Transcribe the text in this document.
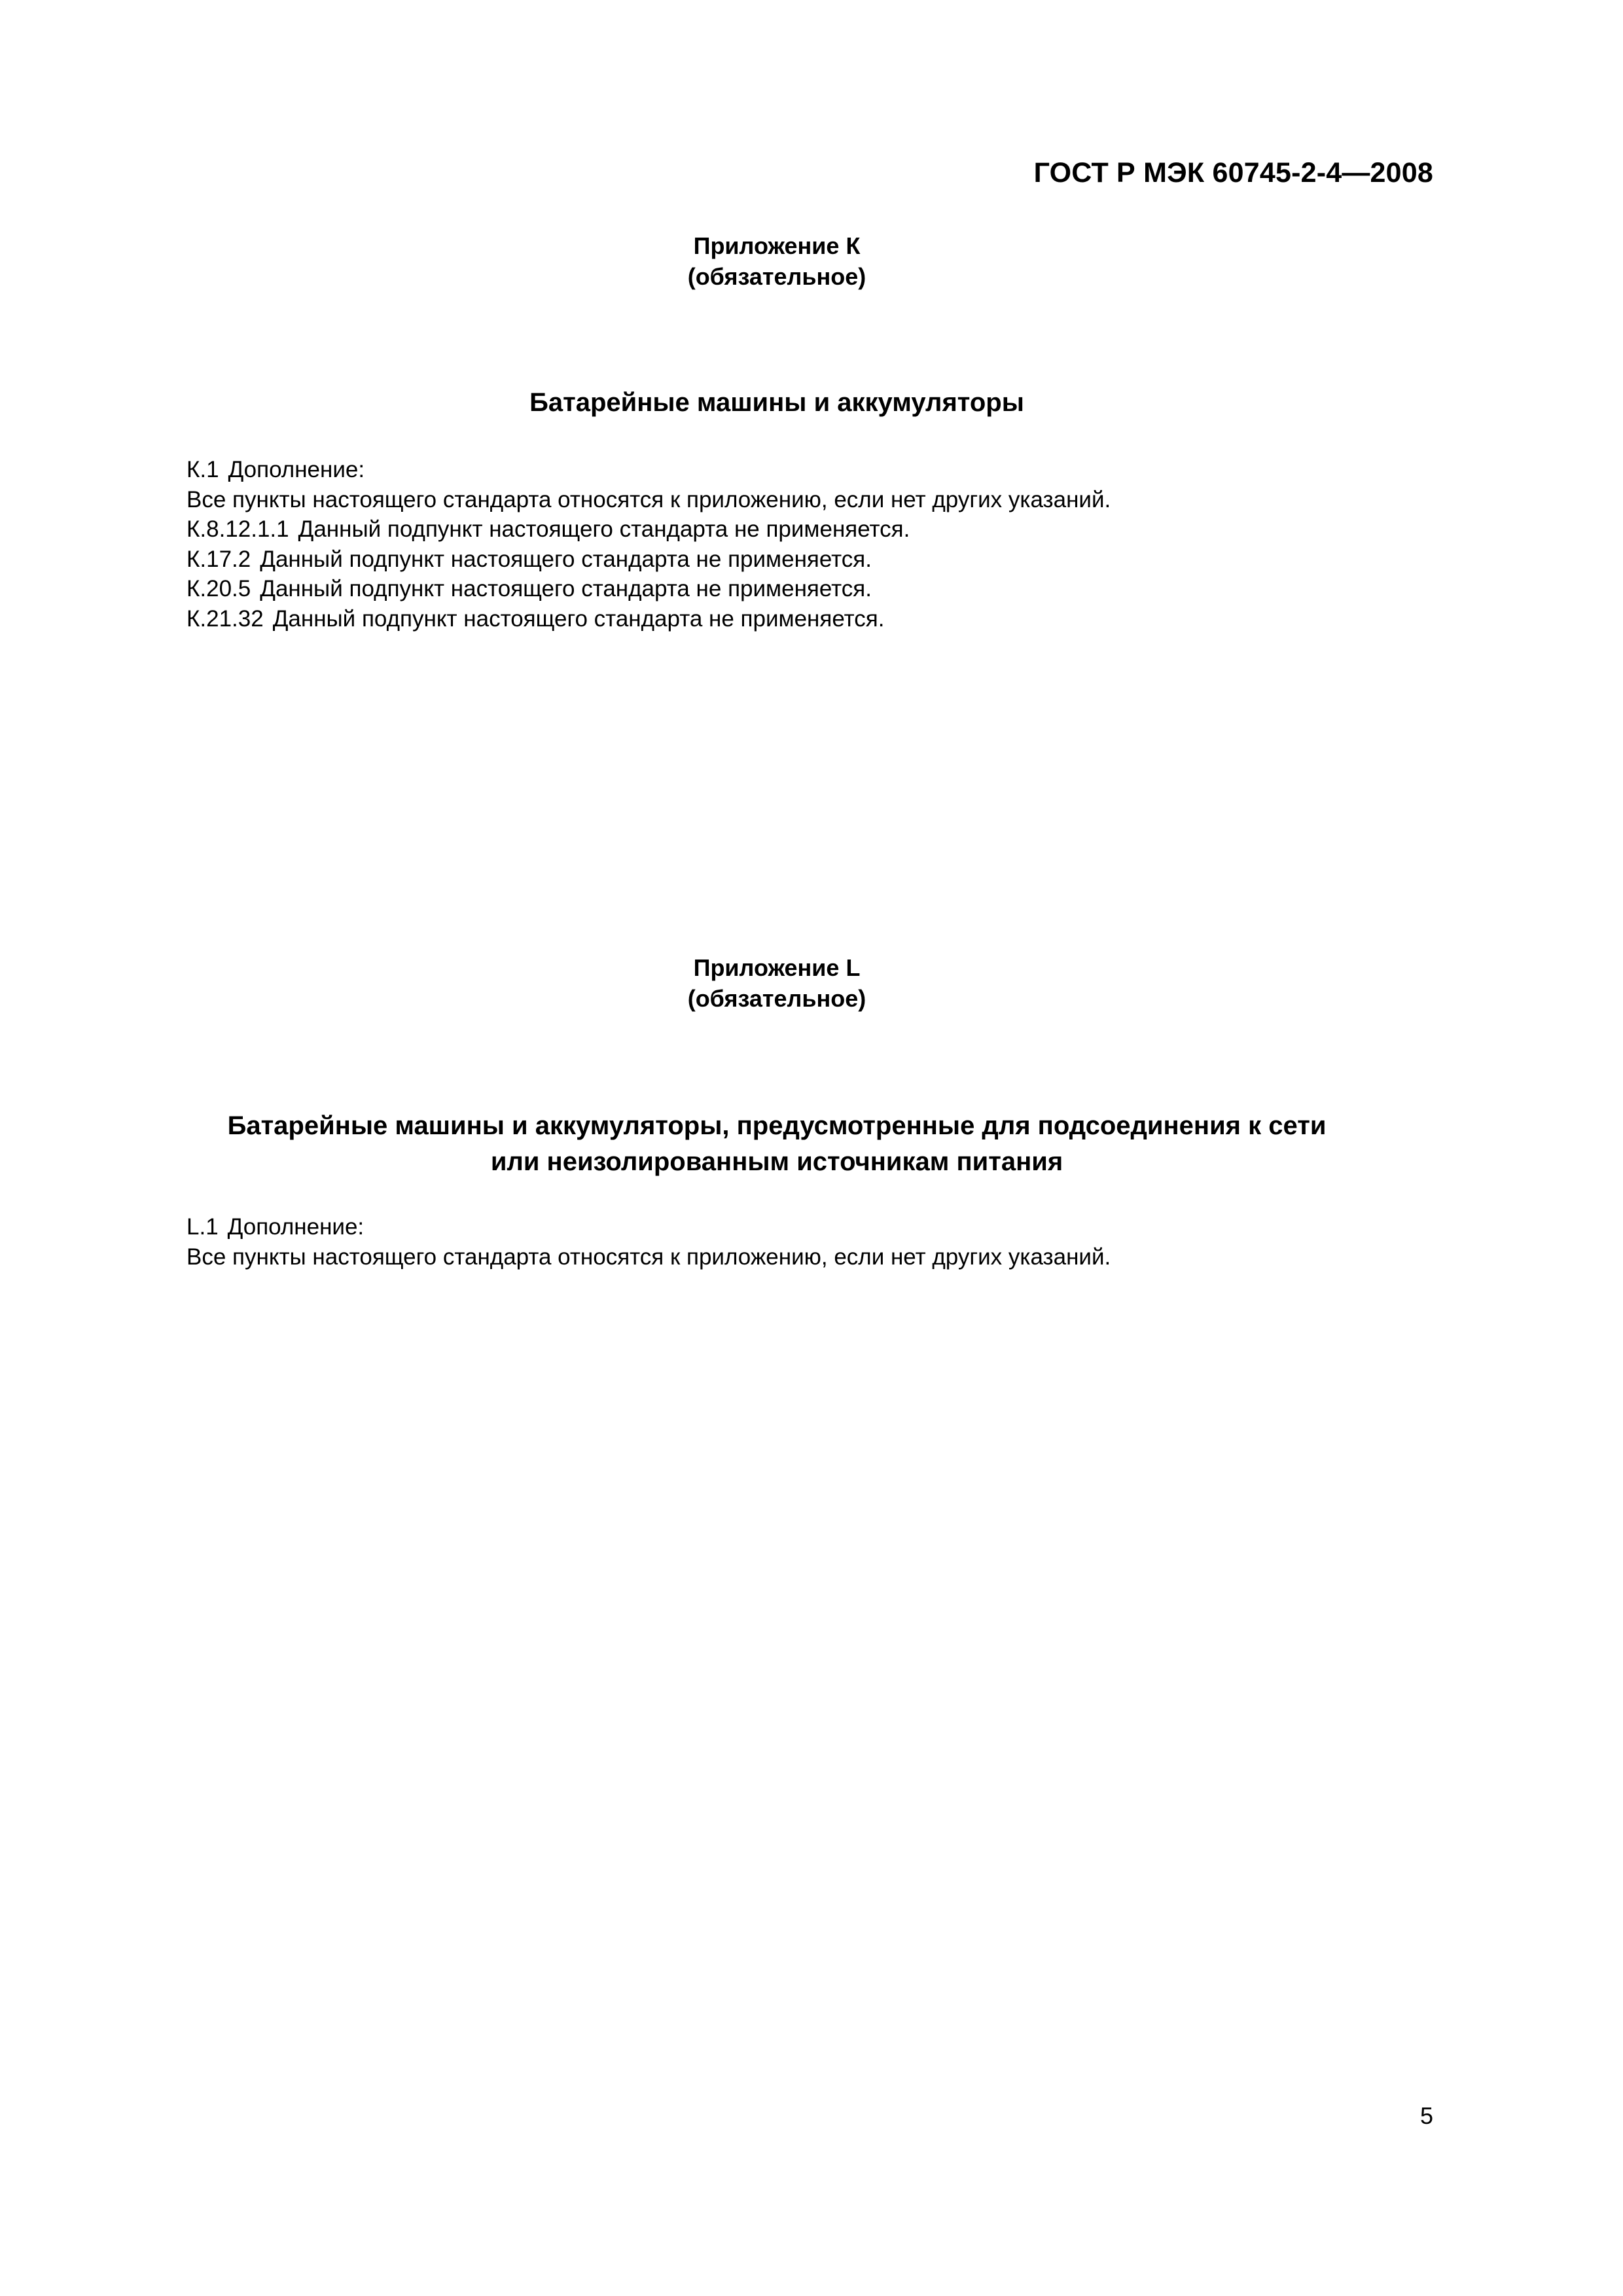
ГОСТ Р МЭК 60745-2-4—2008
Приложение К
(обязательное)
Батарейные машины и аккумуляторы
К.1 Дополнение:
Все пункты настоящего стандарта относятся к приложению, если нет других указаний.
К.8.12.1.1 Данный подпункт настоящего стандарта не применяется.
К.17.2 Данный подпункт настоящего стандарта не применяется.
К.20.5 Данный подпункт настоящего стандарта не применяется.
К.21.32 Данный подпункт настоящего стандарта не применяется.
Приложение L
(обязательное)
Батарейные машины и аккумуляторы, предусмотренные для подсоединения к сети
или неизолированным источникам питания
L.1 Дополнение:
Все пункты настоящего стандарта относятся к приложению, если нет других указаний.
5
